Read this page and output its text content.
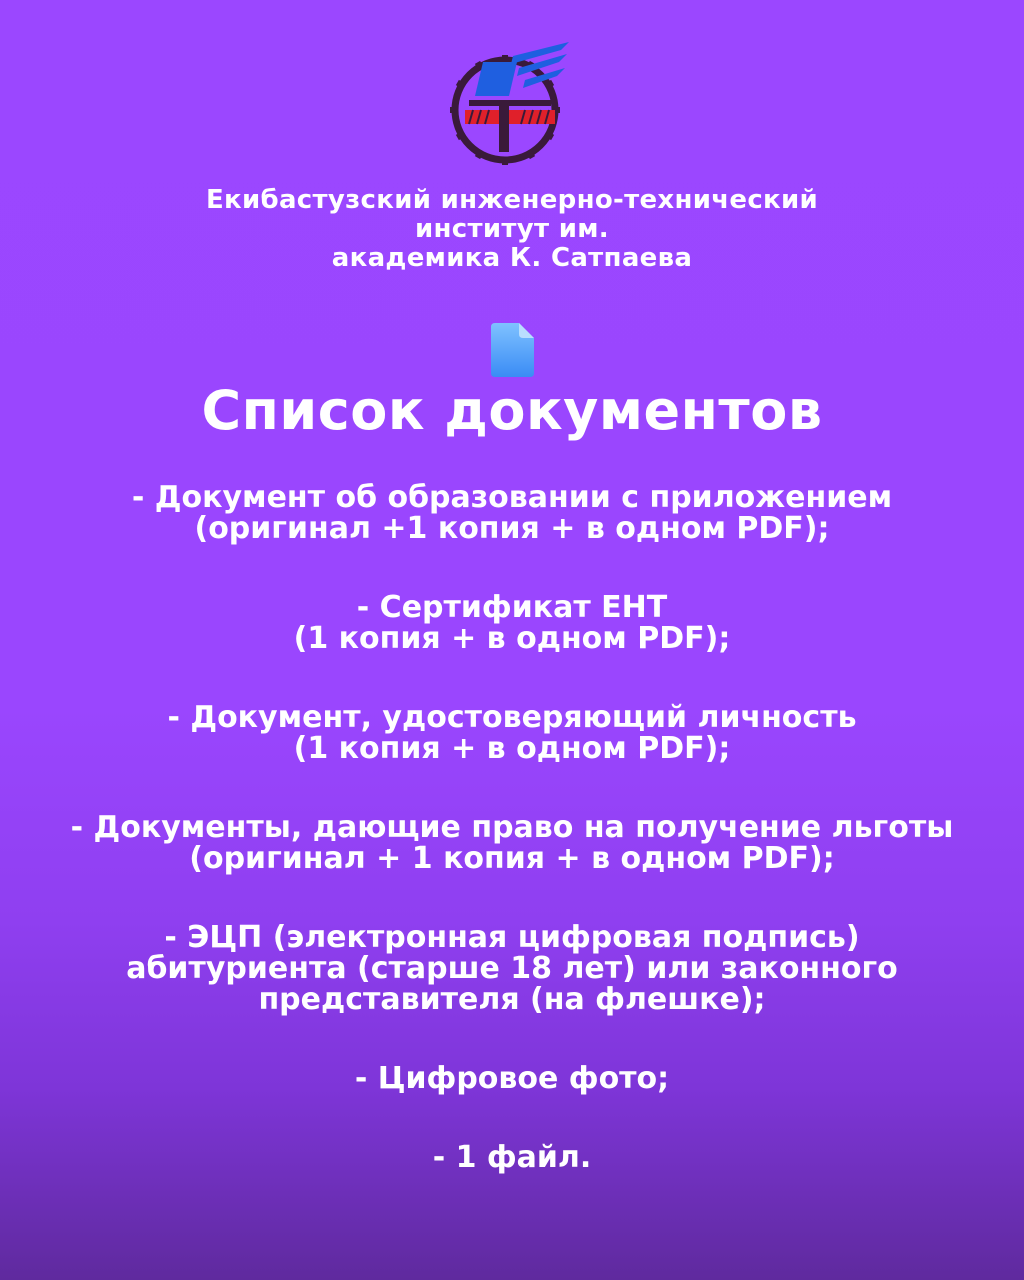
Екибастузский инженерно-технический
институт им.
академика К. Сатпаева
Список документов
- Документ об образовании с приложением
(оригинал +1 копия + в одном PDF);
- Сертификат ЕНТ
(1 копия + в одном PDF);
- Документ, удостоверяющий личность
(1 копия + в одном PDF);
- Документы, дающие право на получение льготы
(оригинал + 1 копия + в одном PDF);
- ЭЦП (электронная цифровая подпись)
абитуриента (старше 18 лет) или законного
представителя (на флешке);
- Цифровое фото;
- 1 файл.
